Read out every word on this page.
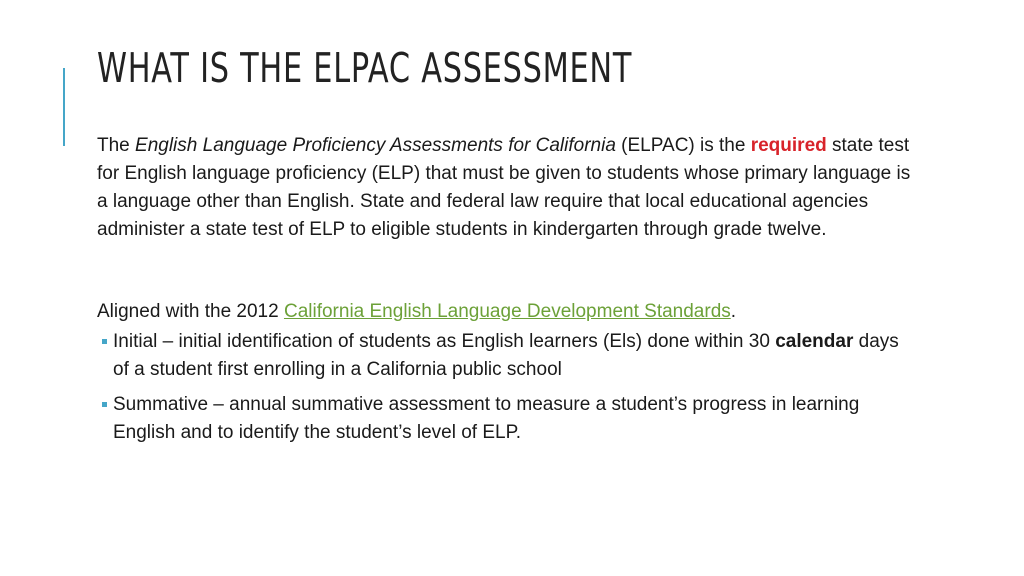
WHAT IS THE ELPAC ASSESSMENT

The English Language Proficiency Assessments for California (ELPAC) is the required state test for English language proficiency (ELP) that must be given to students whose primary language is a language other than English. State and federal law require that local educational agencies administer a state test of ELP to eligible students in kindergarten through grade twelve.

Aligned with the 2012 California English Language Development Standards.

Initial – initial identification of students as English learners (Els) done within 30 calendar days of a student first enrolling in a California public school
Summative – annual summative assessment to measure a student’s progress in learning English and to identify the student’s level of ELP.
